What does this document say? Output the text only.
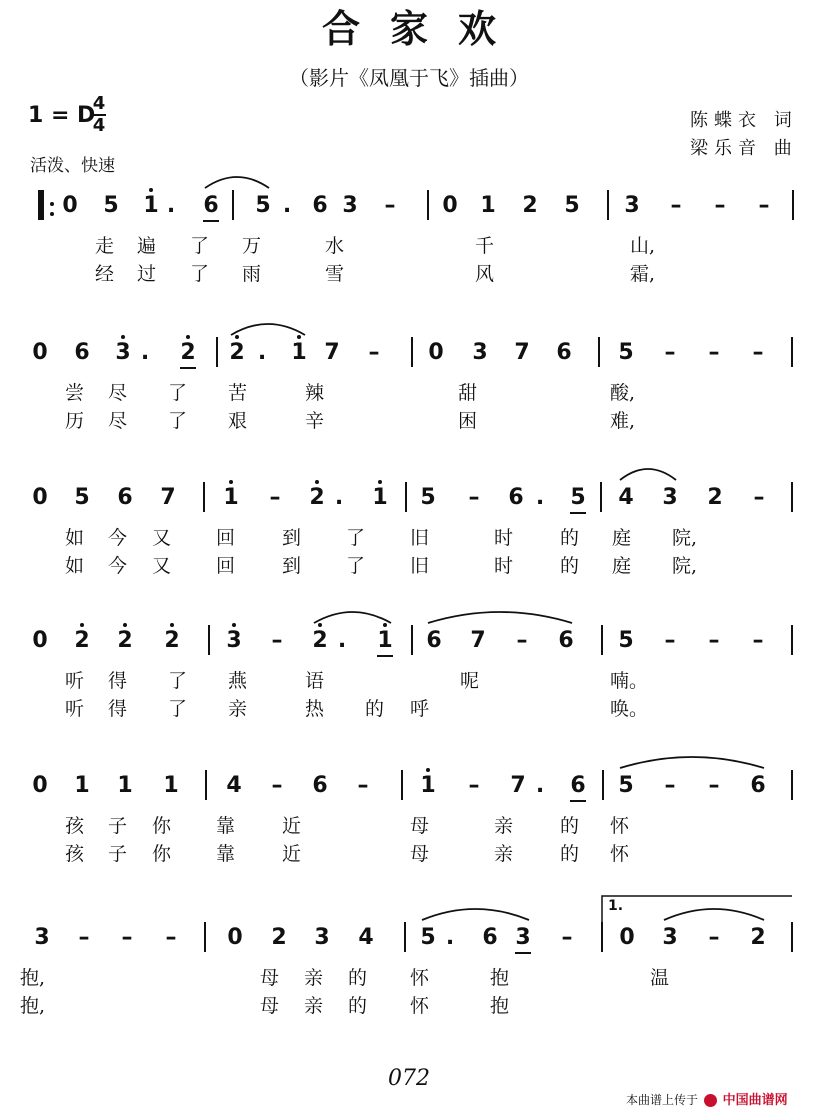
合家欢
（影片《凤凰于飞》插曲）
1 = D
4
4
活泼、快速
陈蝶衣 词
梁乐音 曲
0 5 1 . 6 5 . 6 3 – 0 1 2 5 3 – – –
走 遍 了 万	水	千	山,
经 过 了 雨	雪	风	霜,
0 6 3 . 2 2 . 1 7 – 0 3 7 6 5 – – –
尝 尽 了 苦	辣	甜	酸,
历 尽 了 艰	辛	困	难,
0 5 6 7 1 – 2 . 1 5 – 6 . 5 4 3 2 –
如 今 又 回 到 了 旧	时 的 庭 院,
如 今 又 回 到 了 旧	时 的 庭 院,
0 2 2 2 3 – 2 . 1 6 7 – 6 5 – – –
听 得 了 燕	语	呢	喃。
听 得 了 亲	热 的 呼	唤。
0 1 1 1 4 – 6 – 1 – 7 . 6 5 – – 6
孩 子 你 靠 近	母	亲 的 怀
孩 子 你 靠 近	母	亲 的 怀
3 – – – 0 2 3 4 5 . 6 3 – 0 3 – 2
抱,	母 亲 的 怀	抱	温
抱,	母 亲 的 怀	抱
072
本曲谱上传于 中国曲谱网
1.
